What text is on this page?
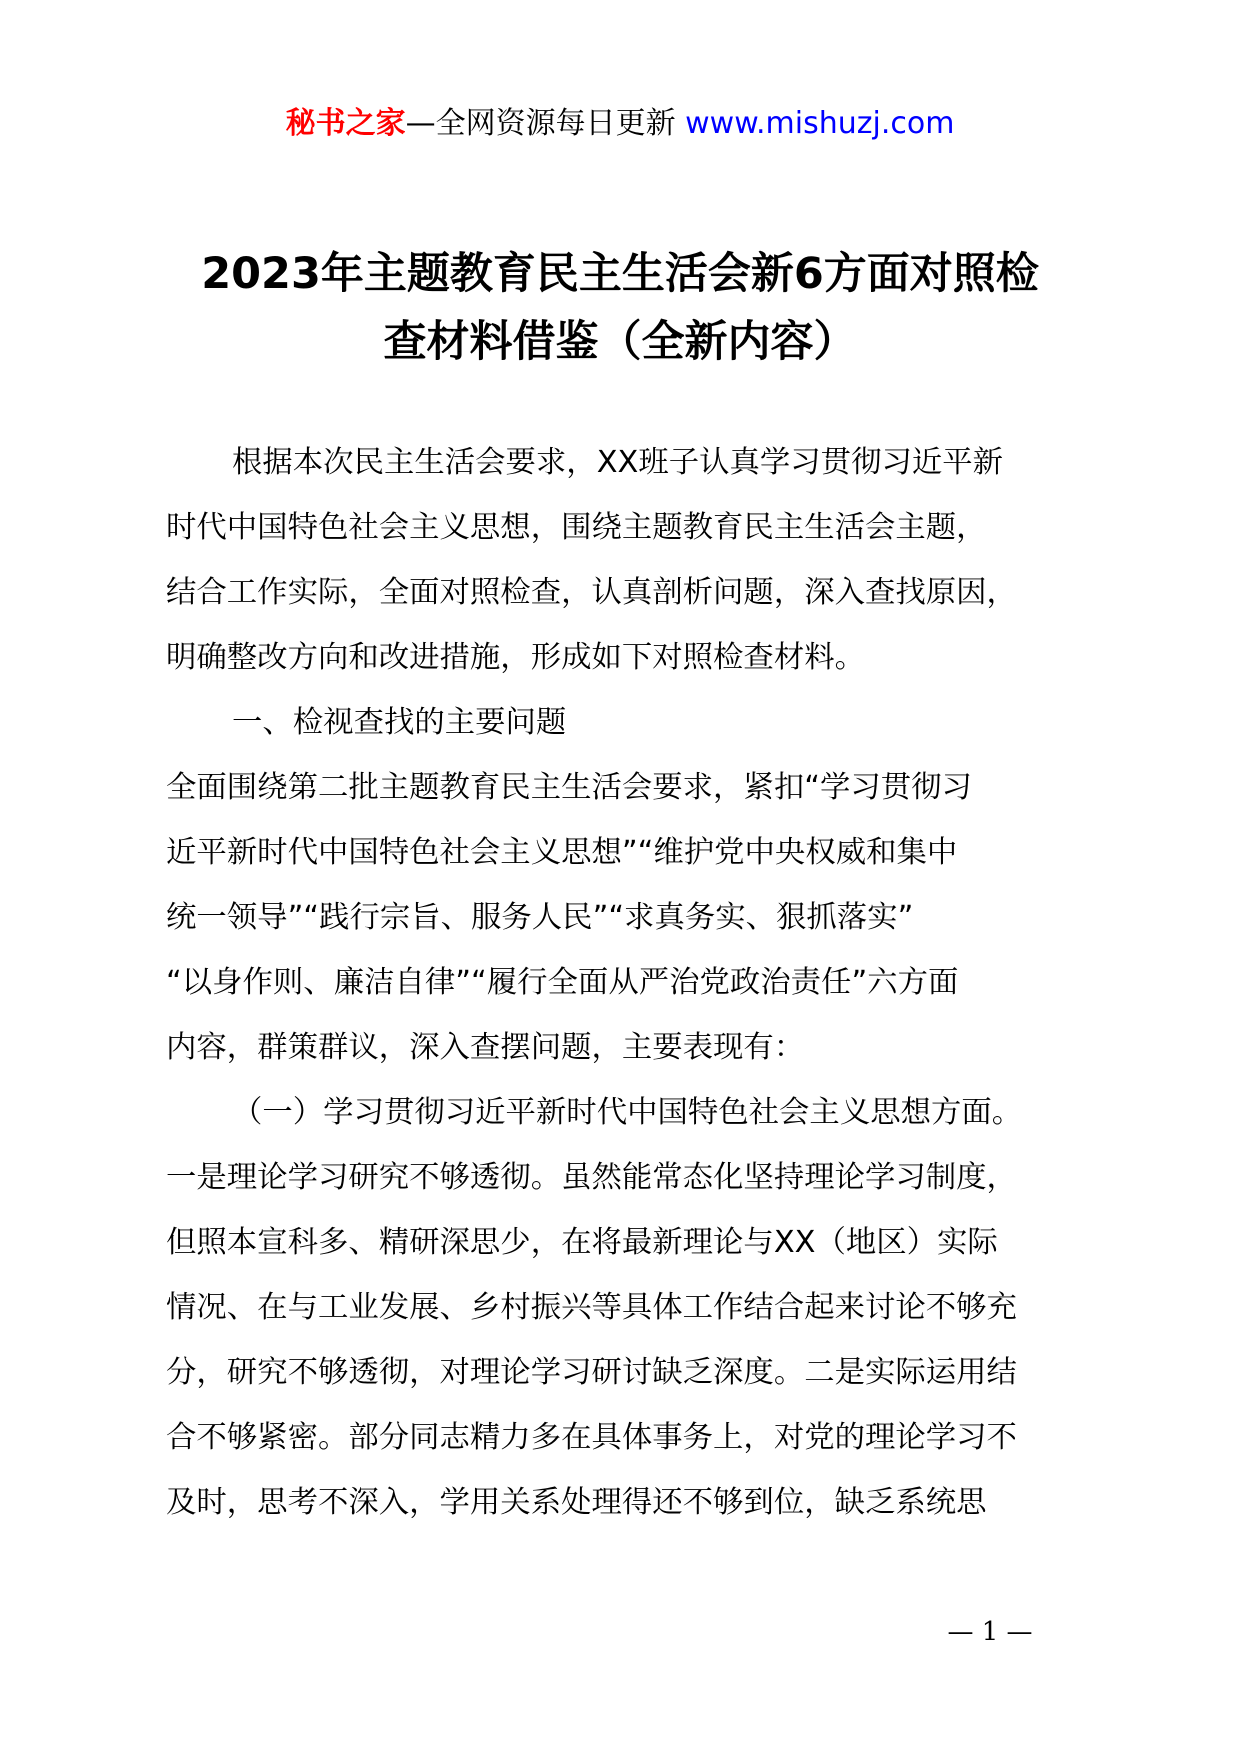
秘书之家—全网资源每日更新 www.mishuzj.com
2023年主题教育民主生活会新6方面对照检
查材料借鉴（全新内容）
根据本次民主生活会要求，XX班子认真学习贯彻习近平新
时代中国特色社会主义思想，围绕主题教育民主生活会主题，
结合工作实际，全面对照检查，认真剖析问题，深入查找原因，
明确整改方向和改进措施，形成如下对照检查材料。
一、检视查找的主要问题
全面围绕第二批主题教育民主生活会要求，紧扣“学习贯彻习
近平新时代中国特色社会主义思想”“维护党中央权威和集中
统一领导”“践行宗旨、服务人民”“求真务实、狠抓落实”
“以身作则、廉洁自律”“履行全面从严治党政治责任”六方面
内容，群策群议，深入查摆问题，主要表现有：
（一）学习贯彻习近平新时代中国特色社会主义思想方面。
一是理论学习研究不够透彻。虽然能常态化坚持理论学习制度，
但照本宣科多、精研深思少，在将最新理论与XX（地区）实际
情况、在与工业发展、乡村振兴等具体工作结合起来讨论不够充
分，研究不够透彻，对理论学习研讨缺乏深度。二是实际运用结
合不够紧密。部分同志精力多在具体事务上，对党的理论学习不
及时，思考不深入，学用关系处理得还不够到位，缺乏系统思
— 1 —
